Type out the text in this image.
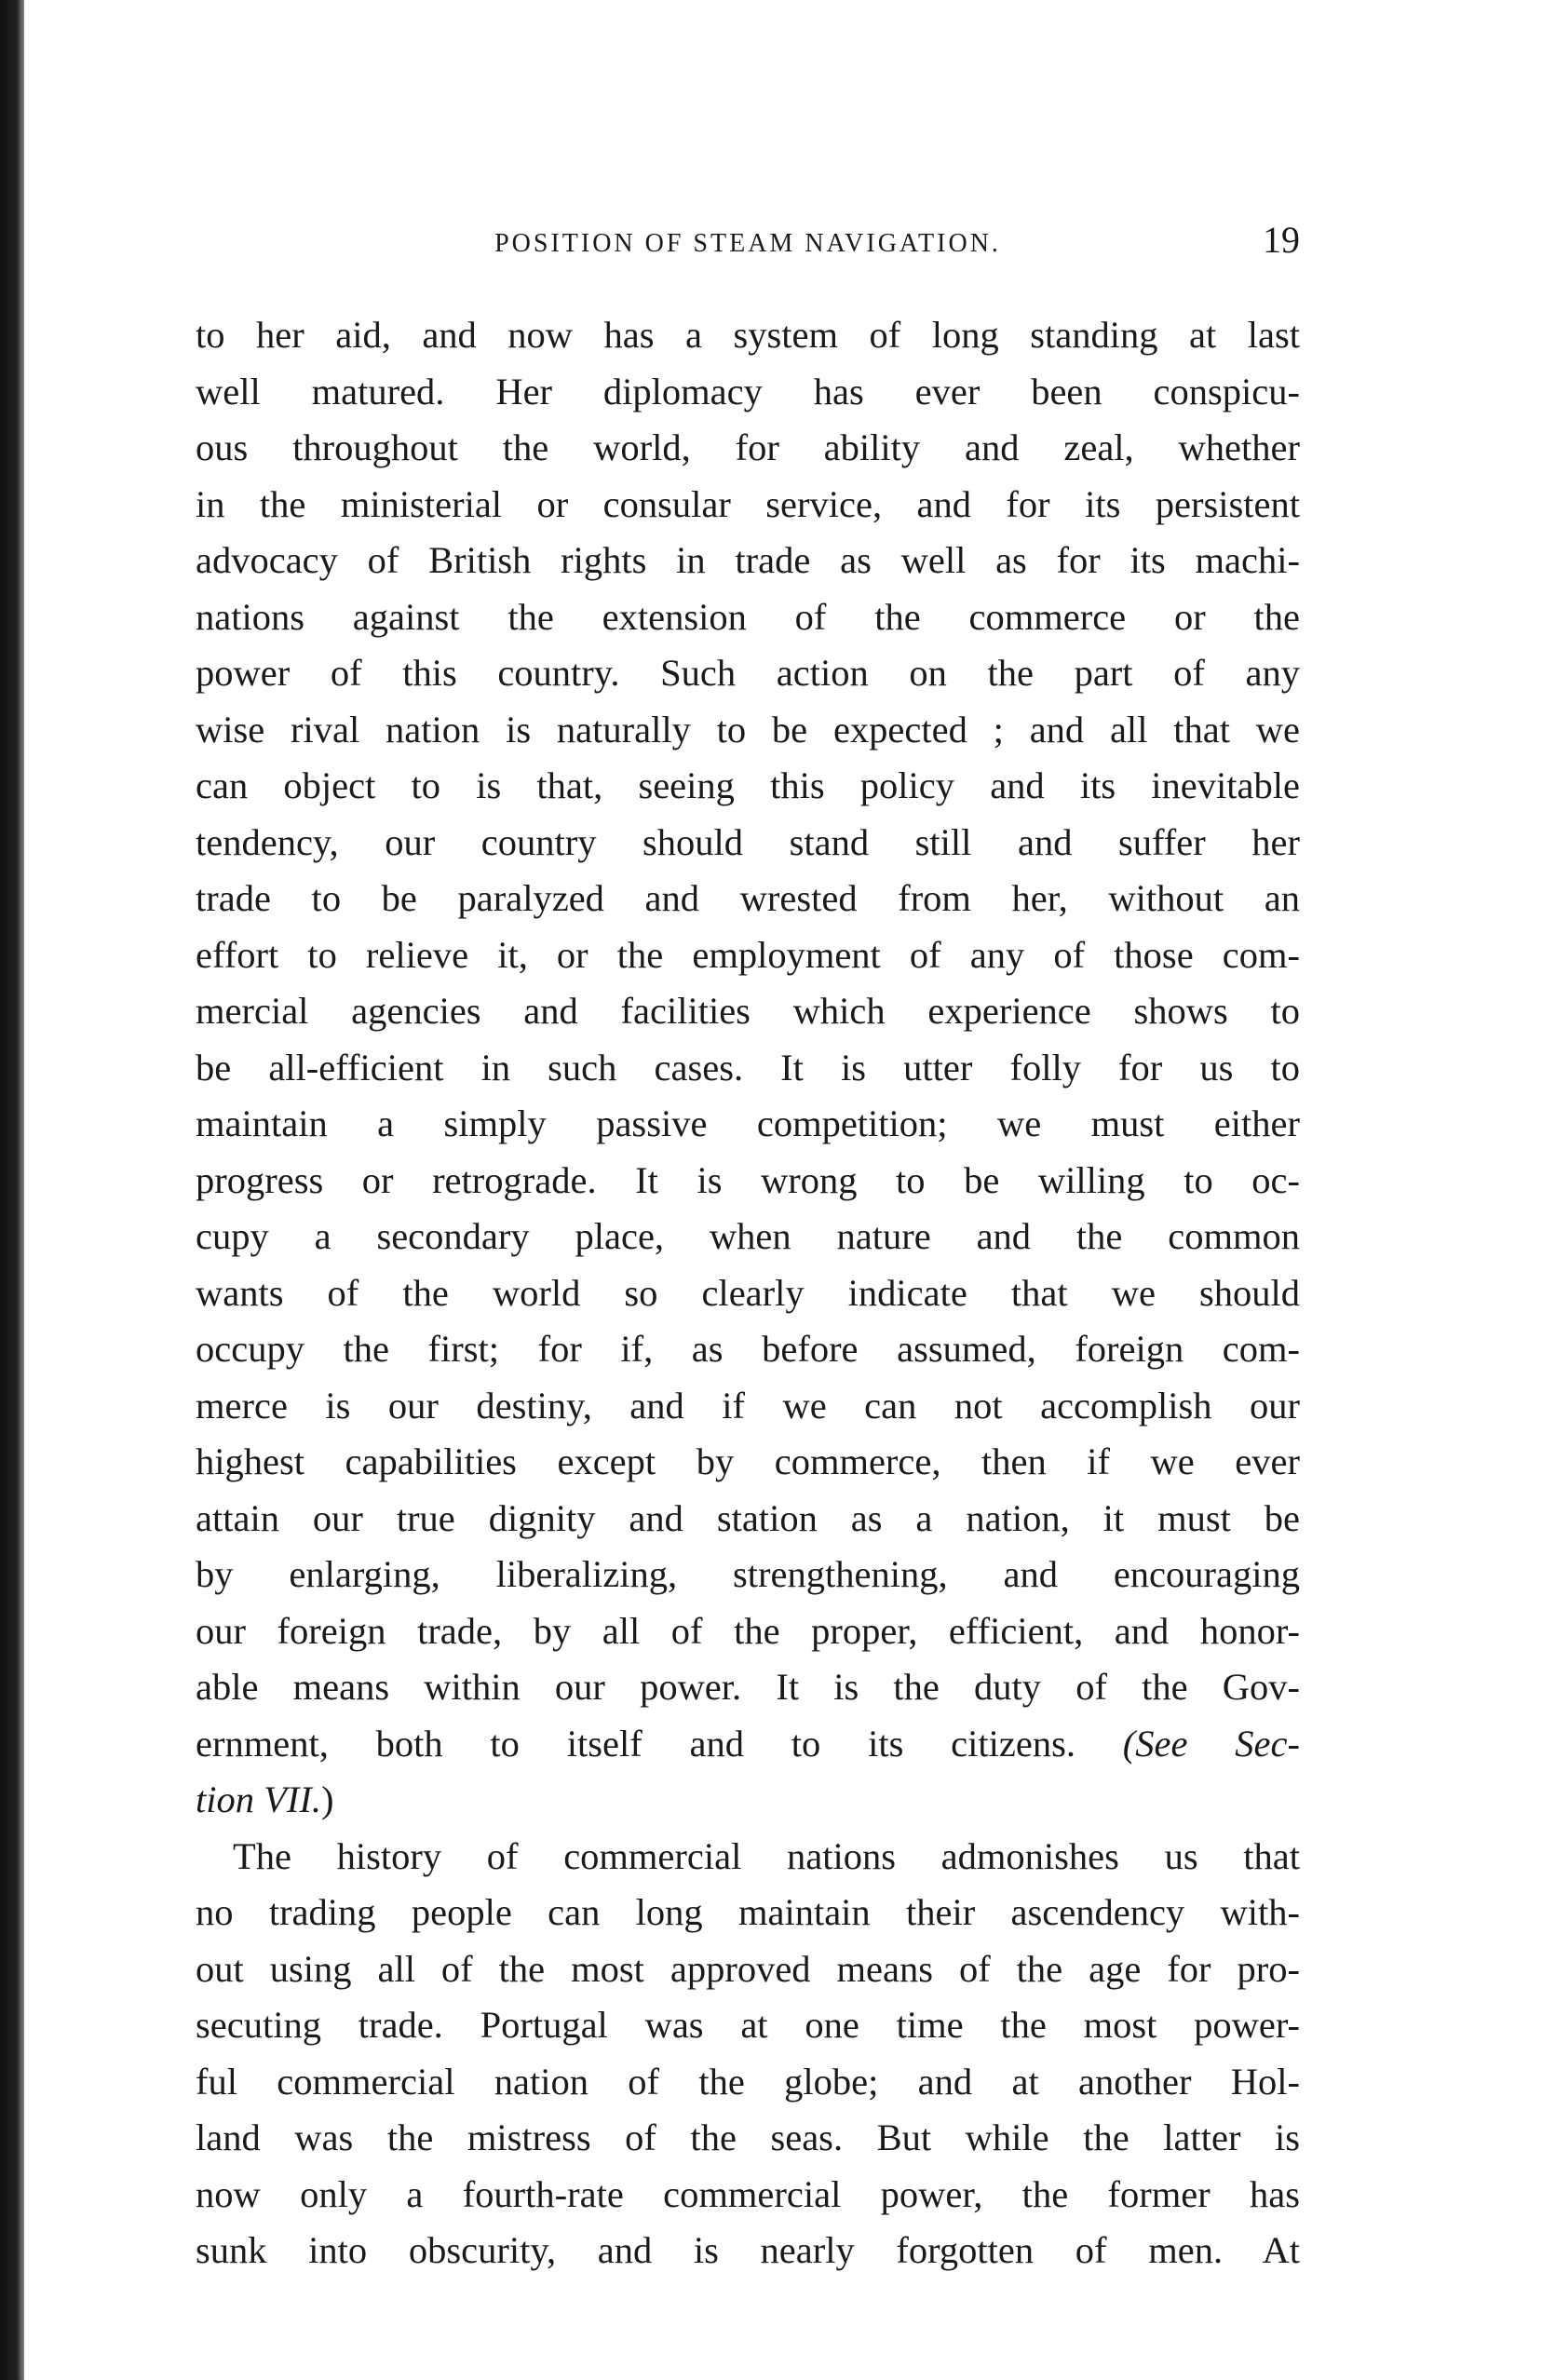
POSITION OF STEAM NAVIGATION.	19
to her aid, and now has a system of long standing at last
well matured. Her diplomacy has ever been conspicu-
ous throughout the world, for ability and zeal, whether
in the ministerial or consular service, and for its persistent
advocacy of British rights in trade as well as for its machi-
nations against the extension of the commerce or the
power of this country. Such action on the part of any
wise rival nation is naturally to be expected ; and all that we
can object to is that, seeing this policy and its inevitable
tendency, our country should stand still and suffer her
trade to be paralyzed and wrested from her, without an
effort to relieve it, or the employment of any of those com-
mercial agencies and facilities which experience shows to
be all-efficient in such cases. It is utter folly for us to
maintain a simply passive competition; we must either
progress or retrograde. It is wrong to be willing to oc-
cupy a secondary place, when nature and the common
wants of the world so clearly indicate that we should
occupy the first; for if, as before assumed, foreign com-
merce is our destiny, and if we can not accomplish our
highest capabilities except by commerce, then if we ever
attain our true dignity and station as a nation, it must be
by enlarging, liberalizing, strengthening, and encouraging
our foreign trade, by all of the proper, efficient, and honor-
able means within our power. It is the duty of the Gov-
ernment, both to itself and to its citizens. (See Sec-
tion VII.)
The history of commercial nations admonishes us that
no trading people can long maintain their ascendency with-
out using all of the most approved means of the age for pro-
secuting trade. Portugal was at one time the most power-
ful commercial nation of the globe; and at another Hol-
land was the mistress of the seas. But while the latter is
now only a fourth-rate commercial power, the former has
sunk into obscurity, and is nearly forgotten of men. At
